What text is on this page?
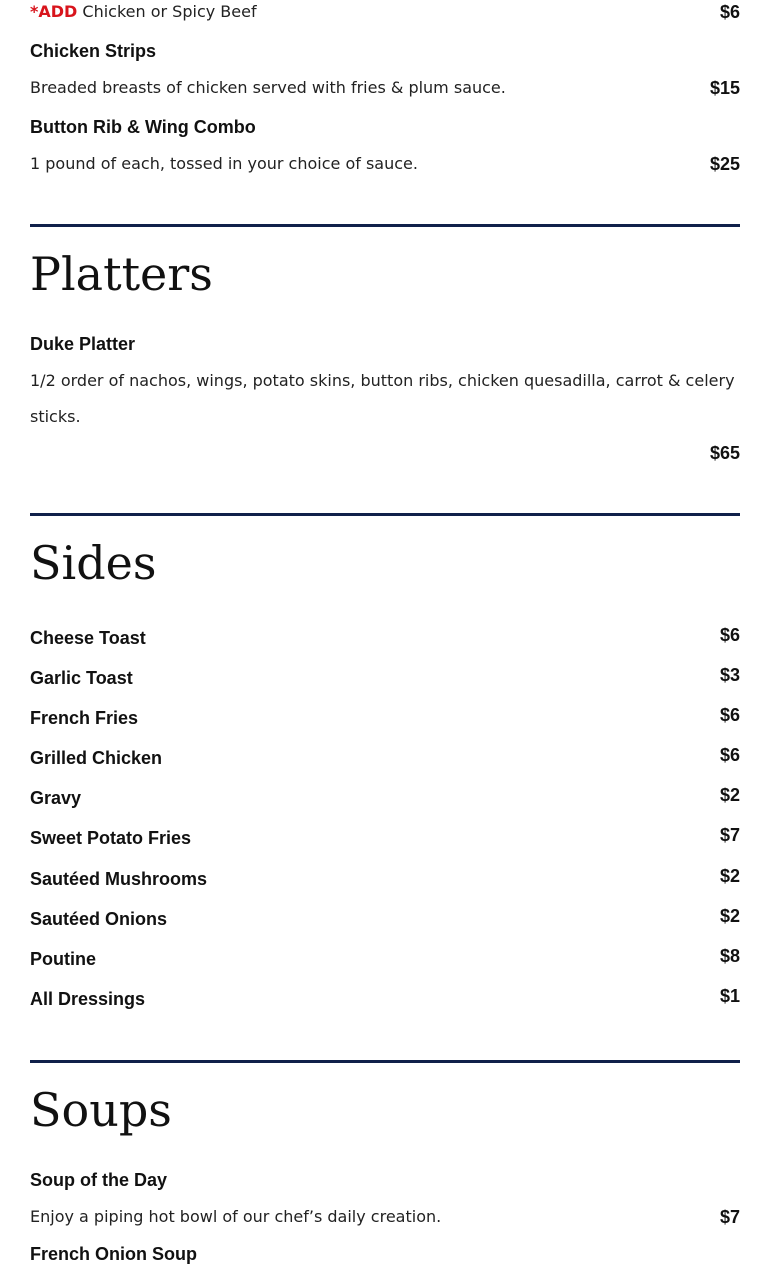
*ADD Chicken or Spicy Beef	$6
Chicken Strips
Breaded breasts of chicken served with fries & plum sauce.	$15
Button Rib & Wing Combo
1 pound of each, tossed in your choice of sauce.	$25
Platters
Duke Platter
1/2 order of nachos, wings, potato skins, button ribs, chicken quesadilla, carrot & celery sticks.
$65
Sides
Cheese Toast	$6
Garlic Toast	$3
French Fries	$6
Grilled Chicken	$6
Gravy	$2
Sweet Potato Fries	$7
Sautéed Mushrooms	$2
Sautéed Onions	$2
Poutine	$8
All Dressings	$1
Soups
Soup of the Day
Enjoy a piping hot bowl of our chef’s daily creation.	$7
French Onion Soup
